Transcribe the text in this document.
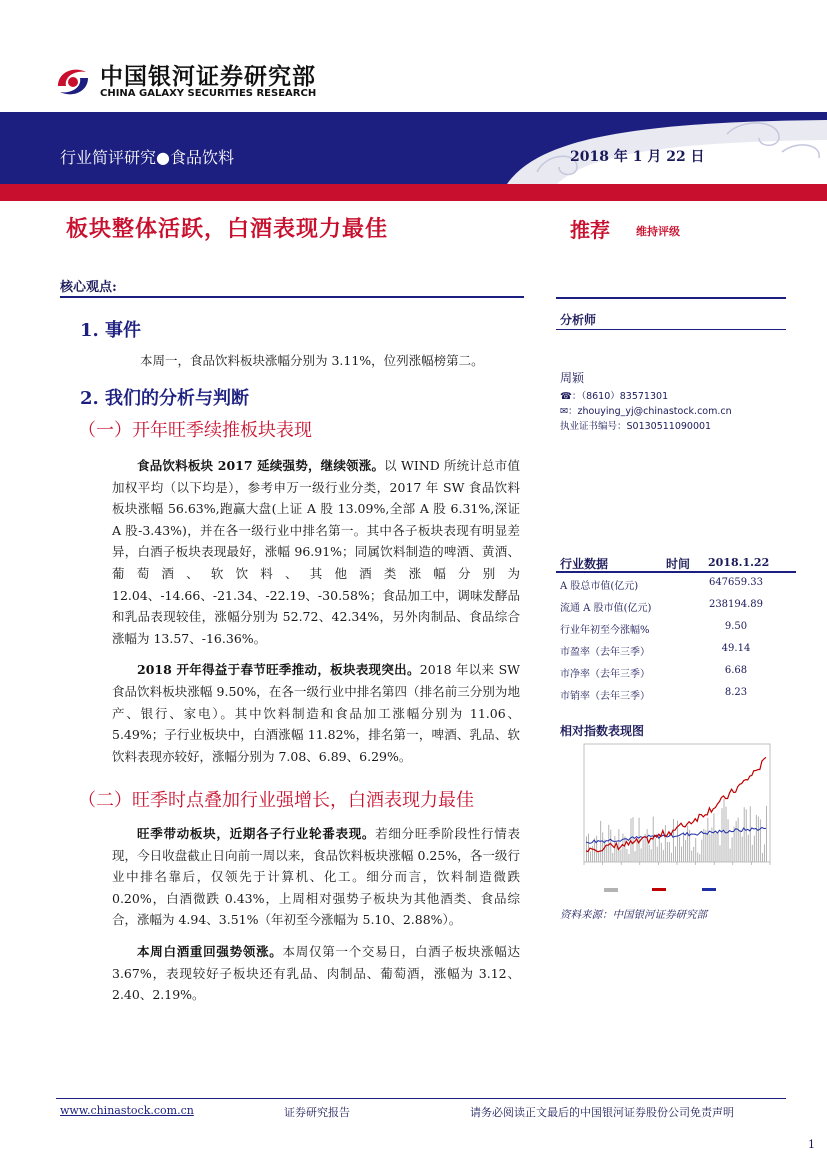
中国银河证券研究部
CHINA GALAXY SECURITIES RESEARCH
行业简评研究●食品饮料	2018 年 1 月 22 日
板块整体活跃，白酒表现力最佳	推荐 维持评级
核心观点:
1. 事件
本周一，食品饮料板块涨幅分别为 3.11%，位列涨幅榜第二。
2. 我们的分析与判断
（一）开年旺季续推板块表现

食品饮料板块 2017 延续强势，继续领涨。以 WIND 所统计总市值加权平均（以下均是），参考申万一级行业分类，2017 年 SW 食品饮料板块涨幅 56.63%,跑赢大盘(上证 A 股 13.09%,全部 A 股 6.31%,深证 A 股-3.43%)，并在各一级行业中排名第一。其中各子板块表现有明显差异，白酒子板块表现最好，涨幅 96.91%；同属饮料制造的啤酒、黄酒、葡萄酒、软饮料、其他酒类涨幅分别为 12.04、-14.66、-21.34、-22.19、-30.58%；食品加工中，调味发酵品和乳品表现较佳，涨幅分别为 52.72、42.34%，另外肉制品、食品综合涨幅为 13.57、-16.36%。

2018 开年得益于春节旺季推动，板块表现突出。2018 年以来 SW 食品饮料板块涨幅 9.50%，在各一级行业中排名第四（排名前三分别为地产、银行、家电）。其中饮料制造和食品加工涨幅分别为 11.06、5.49%；子行业板块中，白酒涨幅 11.82%，排名第一，啤酒、乳品、软饮料表现亦较好，涨幅分别为 7.08、6.89、6.29%。

（二）旺季时点叠加行业强增长，白酒表现力最佳

旺季带动板块，近期各子行业轮番表现。若细分旺季阶段性行情表现，今日收盘截止日向前一周以来，食品饮料板块涨幅 0.25%，各一级行业中排名靠后，仅领先于计算机、化工。细分而言，饮料制造微跌 0.20%，白酒微跌 0.43%，上周相对强势子板块为其他酒类、食品综合，涨幅为 4.94、3.51%（年初至今涨幅为 5.10、2.88%）。

本周白酒重回强势领涨。本周仅第一个交易日，白酒子板块涨幅达 3.67%，表现较好子板块还有乳品、肉制品、葡萄酒，涨幅为 3.12、2.40、2.19%。

分析师
周颖
☎：（8610）83571301
✉：zhouying_yj@chinastock.com.cn
执业证书编号：S0130511090001
行业数据	时间 2018.1.22
A 股总市值(亿元)	647659.33
流通 A 股市值(亿元)	238194.89
行业年初至今涨幅%	9.50
市盈率（去年三季）	49.14
市净率（去年三季）	6.68
市销率（去年三季）	8.23
相对指数表现图
资料来源：中国银河证券研究部
www.chinastock.com.cn	证券研究报告	请务必阅读正文最后的中国银河证券股份公司免责声明
1
